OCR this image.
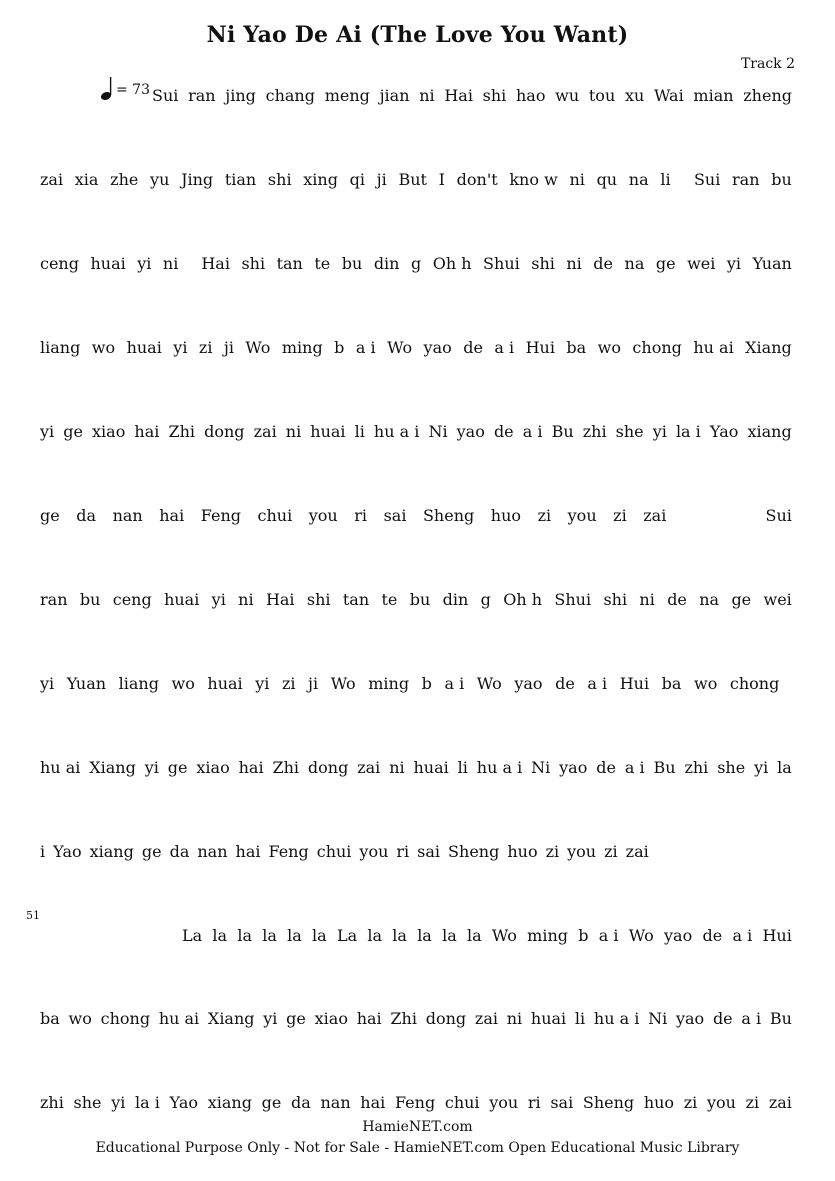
Ni Yao De Ai (The Love You Want)
Track 2
= 73 Sui ran jing chang meng jian ni Hai shi hao wu tou xu Wai mian zheng
zai xia zhe yu Jing tian shi xing qi ji But I don't kno w ni qu na li Sui ran bu
ceng huai yi ni Hai shi tan te bu din g Oh h Shui shi ni de na ge wei yi Yuan
liang wo huai yi zi ji Wo ming b a i Wo yao de a i Hui ba wo chong hu ai Xiang
yi ge xiao hai Zhi dong zai ni huai li hu a i Ni yao de a i Bu zhi she yi la i Yao xiang
ge da nan hai Feng chui you ri sai Sheng huo zi you zi zai	Sui
ran bu ceng huai yi ni Hai shi tan te bu din g Oh h Shui shi ni de na ge wei
yi Yuan liang wo huai yi zi ji Wo ming b a i Wo yao de a i Hui ba wo chong
hu ai Xiang yi ge xiao hai Zhi dong zai ni huai li hu a i Ni yao de a i Bu zhi she yi la
i Yao xiang ge da nan hai Feng chui you ri sai Sheng huo zi you zi zai
La la la la la la La la la la la la Wo ming b a i Wo yao de a i Hui
ba wo chong hu ai Xiang yi ge xiao hai Zhi dong zai ni huai li hu a i Ni yao de a i Bu
zhi she yi la i Yao xiang ge da nan hai Feng chui you ri sai Sheng huo zi you zi zai
51
HamieNET.com
Educational Purpose Only - Not for Sale - HamieNET.com Open Educational Music Library
